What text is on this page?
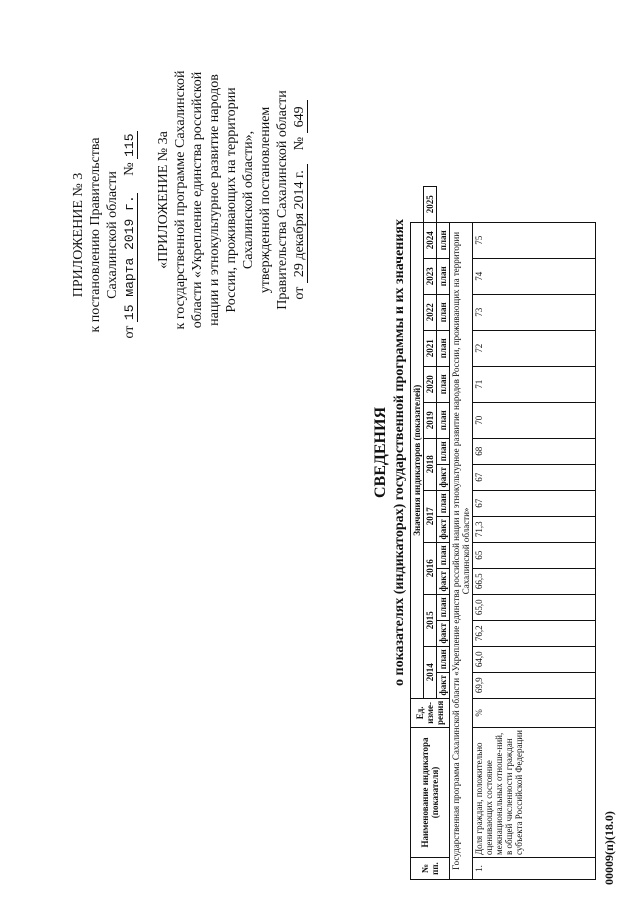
ПРИЛОЖЕНИЕ № 3 к постановлению Правительства Сахалинской области
от 15 марта 2019 г.     № 115 «ПРИЛОЖЕНИЕ № 3а к государственной программе Сахалинской области «Укрепление единства российской нации и этнокультурное развитие народов России, проживающих на территории Сахалинской области», утвержденной постановлением Правительства Сахалинской области от 29 декабря 2014 г.    № 649
СВЕДЕНИЯ о показателях (индикаторах) государственной программы и их значениях
№ пп.	Наименование индикатора (показателя)	Ед. изме-рения	Значения индикаторов (показателей)																
			2014		2015		2016		2017		2018		2019	2020	2021	2022	2023	2024	2025
			факт	план	факт	план	факт	план	факт	план	факт	план	план	план	план	план	план	план	
Государственная программа Сахалинской области «Укрепление единства российской нации и этнокультурное развитие народов России, проживающих на территории Сахалинской области»																			
1.	Доля граждан, положительно оценивающих состояние межнациональных отноше-ний, в общей численности граждан субъекта Российской Федерации	%	69,9	64,0	76,2	65,0	66,5	65	71,3	67	67	68	70	71	72	73	74	75	
00009(п)(18.0)
